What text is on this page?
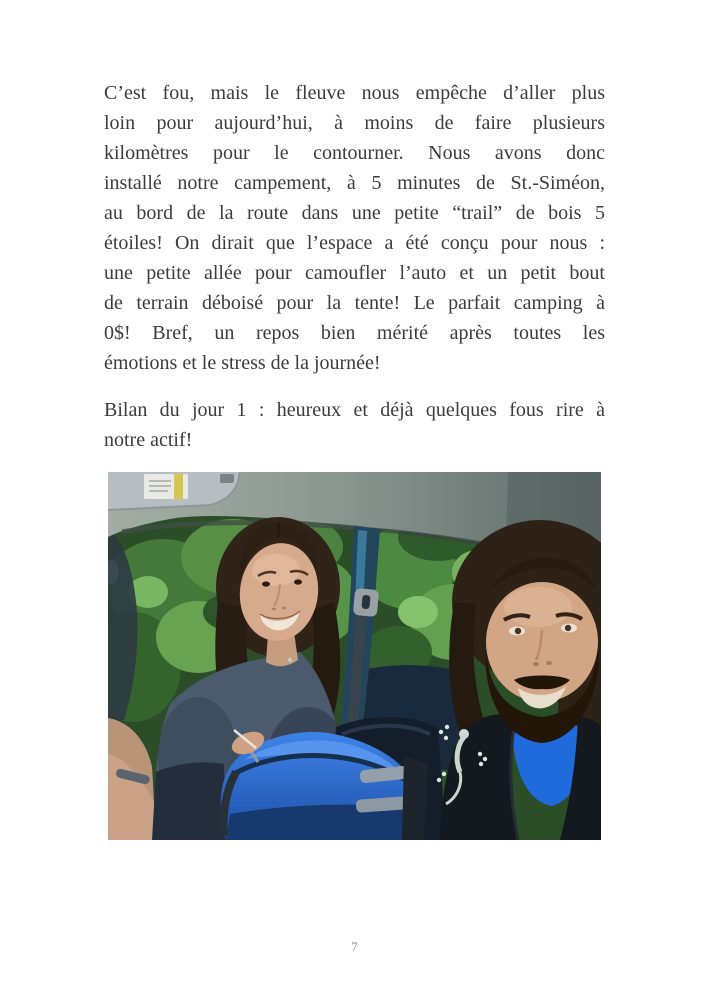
C’est fou, mais le fleuve nous empêche d’aller plus
loin pour aujourd’hui, à moins de faire plusieurs
kilomètres pour le contourner. Nous avons donc
installé notre campement, à 5 minutes de St.-Siméon,
au bord de la route dans une petite “trail” de bois 5
étoiles! On dirait que l’espace a été conçu pour nous :
une petite allée pour camoufler l’auto et un petit bout
de terrain déboisé pour la tente! Le parfait camping à
0$! Bref, un repos bien mérité après toutes les
émotions et le stress de la journée!
Bilan du jour 1 : heureux et déjà quelques fous rire à
notre actif!
7
